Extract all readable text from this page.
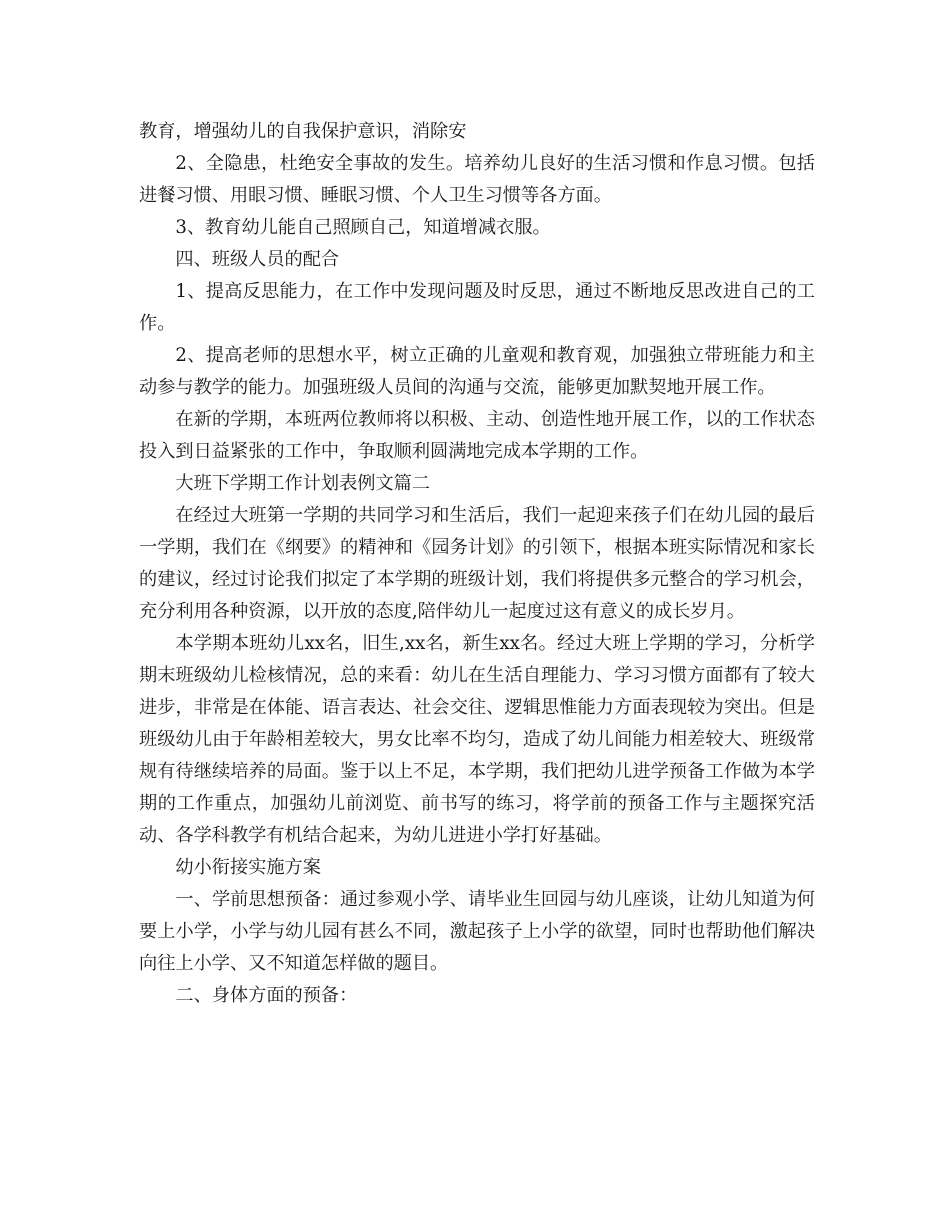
教育，增强幼儿的自我保护意识，消除安

2、全隐患，杜绝安全事故的发生。培养幼儿良好的生活习惯和作息习惯。包括进餐习惯、用眼习惯、睡眠习惯、个人卫生习惯等各方面。

3、教育幼儿能自己照顾自己，知道增减衣服。

四、班级人员的配合

1、提高反思能力，在工作中发现问题及时反思，通过不断地反思改进自己的工作。

2、提高老师的思想水平，树立正确的儿童观和教育观，加强独立带班能力和主动参与教学的能力。加强班级人员间的沟通与交流，能够更加默契地开展工作。

在新的学期，本班两位教师将以积极、主动、创造性地开展工作，以的工作状态投入到日益紧张的工作中，争取顺利圆满地完成本学期的工作。

大班下学期工作计划表例文篇二

在经过大班第一学期的共同学习和生活后，我们一起迎来孩子们在幼儿园的最后一学期，我们在《纲要》的精神和《园务计划》的引领下，根据本班实际情况和家长的建议，经过讨论我们拟定了本学期的班级计划，我们将提供多元整合的学习机会，充分利用各种资源，以开放的态度,陪伴幼儿一起度过这有意义的成长岁月。

本学期本班幼儿xx名，旧生,xx名，新生xx名。经过大班上学期的学习，分析学期末班级幼儿检核情况，总的来看：幼儿在生活自理能力、学习习惯方面都有了较大进步，非常是在体能、语言表达、社会交往、逻辑思惟能力方面表现较为突出。但是班级幼儿由于年龄相差较大，男女比率不均匀，造成了幼儿间能力相差较大、班级常规有待继续培养的局面。鉴于以上不足，本学期，我们把幼儿进学预备工作做为本学期的工作重点，加强幼儿前浏览、前书写的练习，将学前的预备工作与主题探究活动、各学科教学有机结合起来，为幼儿进进小学打好基础。

幼小衔接实施方案

一、学前思想预备：通过参观小学、请毕业生回园与幼儿座谈，让幼儿知道为何要上小学，小学与幼儿园有甚么不同，激起孩子上小学的欲望，同时也帮助他们解决向往上小学、又不知道怎样做的题目。

二、身体方面的预备：
